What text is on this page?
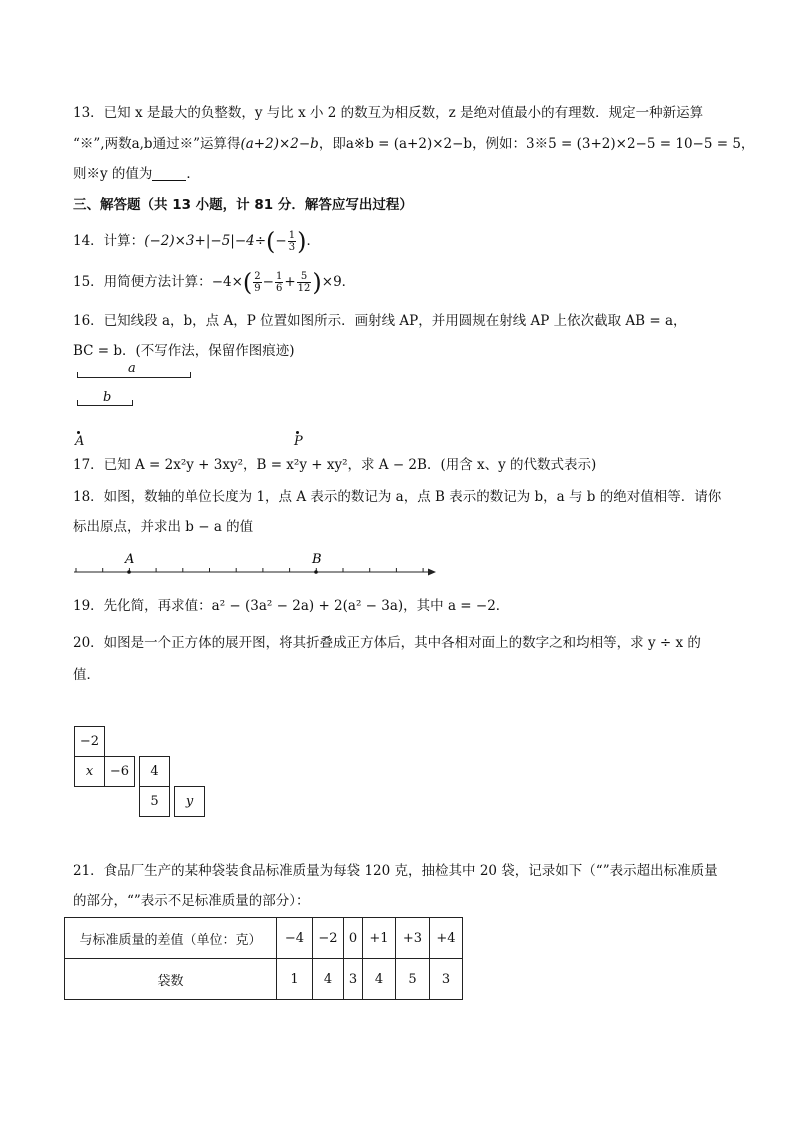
13．已知 x 是最大的负整数，y 与比 x 小 2 的数互为相反数，z 是绝对值最小的有理数．规定一种新运算
“※”,两数a,b通过※”运算得(a+2)×2−b，即a※b = (a+2)×2−b，例如：3※5 = (3+2)×2−5 = 10−5 = 5，
则※y 的值为	．
三、解答题（共 13 小题，计 81 分．解答应写出过程）
14．计算：$(-2)\times 3+|-5|-4\div(- \frac{1}{3}$ )．
15．用简便方法计算：$-4\times( \frac{2}{9} - \frac{1}{6} + \frac{5}{12} )\times 9$．
16．已知线段 a，b，点 A，P 位置如图所示．画射线 AP，并用圆规在射线 AP 上依次截取 AB = a，
BC = b．(不写作法，保留作图痕迹)
a
b
A	P
17．已知 A = 2x²y + 3xy²，B = x²y + xy²，求 A − 2B．(用含 x、y 的代数式表示)
18．如图，数轴的单位长度为 1，点 A 表示的数记为 a，点 B 表示的数记为 b，a 与 b 的绝对值相等．请你
标出原点，并求出 b − a 的值
A	B
19．先化简，再求值：a² − (3a² − 2a) + 2(a² − 3a)，其中 a = −2．
20．如图是一个正方体的展开图，将其折叠成正方体后，其中各相对面上的数字之和均相等，求 y ÷ x 的
值．
−2
x	−6	4
5	y
21．食品厂生产的某种袋装食品标准质量为每袋 120 克，抽检其中 20 袋，记录如下（“”表示超出标准质量
的部分，“”表示不足标准质量的部分）：
与标准质量的差值（单位：克）	−4	−2	0	+1	+3	+4
袋数	1	4	3	4	5	3
